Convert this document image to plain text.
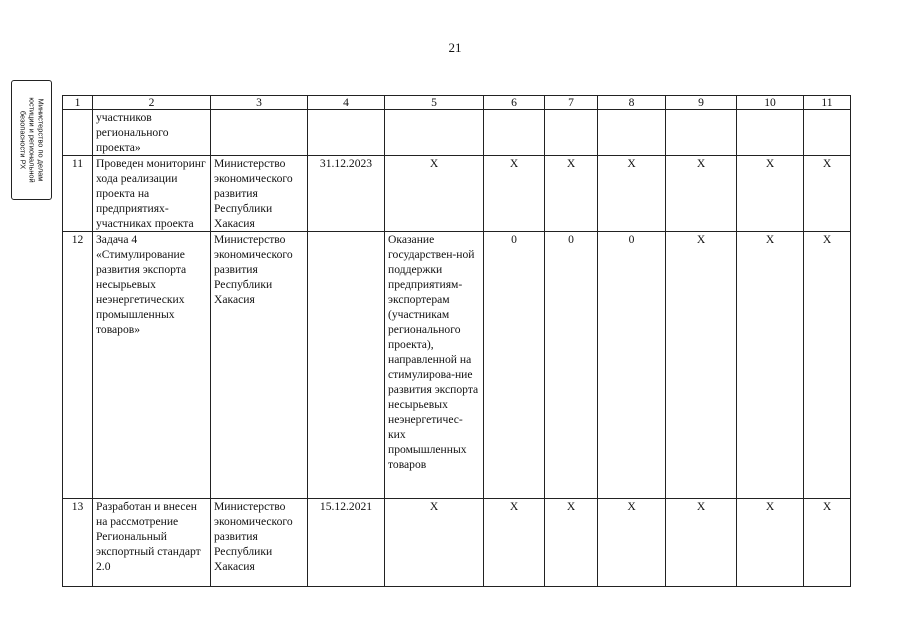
21
Министерство по делам
юстиции и региональной
безопасности РХ
1	2	3	4	5	6	7	8	9	10	11
	участников регионального проекта»									
11	Проведен мониторинг хода реализации проекта на предприятиях-участниках проекта	Министерство экономического развития Республики Хакасия	31.12.2023	Х	Х	Х	Х	Х	Х	Х
12	Задача 4 «Стимулирование развития экспорта несырьевых неэнергетических промышленных товаров»	Министерство экономического развития Республики Хакасия		Оказание государствен-ной поддержки предприятиям-экспортерам (участникам регионального проекта), направленной на стимулирова-ние развития экспорта несырьевых неэнергетичес-ких промышленных товаров	0	0	0	Х	Х	Х
13	Разработан и внесен на рассмотрение Региональный экспортный стандарт 2.0	Министерство экономического развития Республики Хакасия	15.12.2021	Х	Х	Х	Х	Х	Х	Х
